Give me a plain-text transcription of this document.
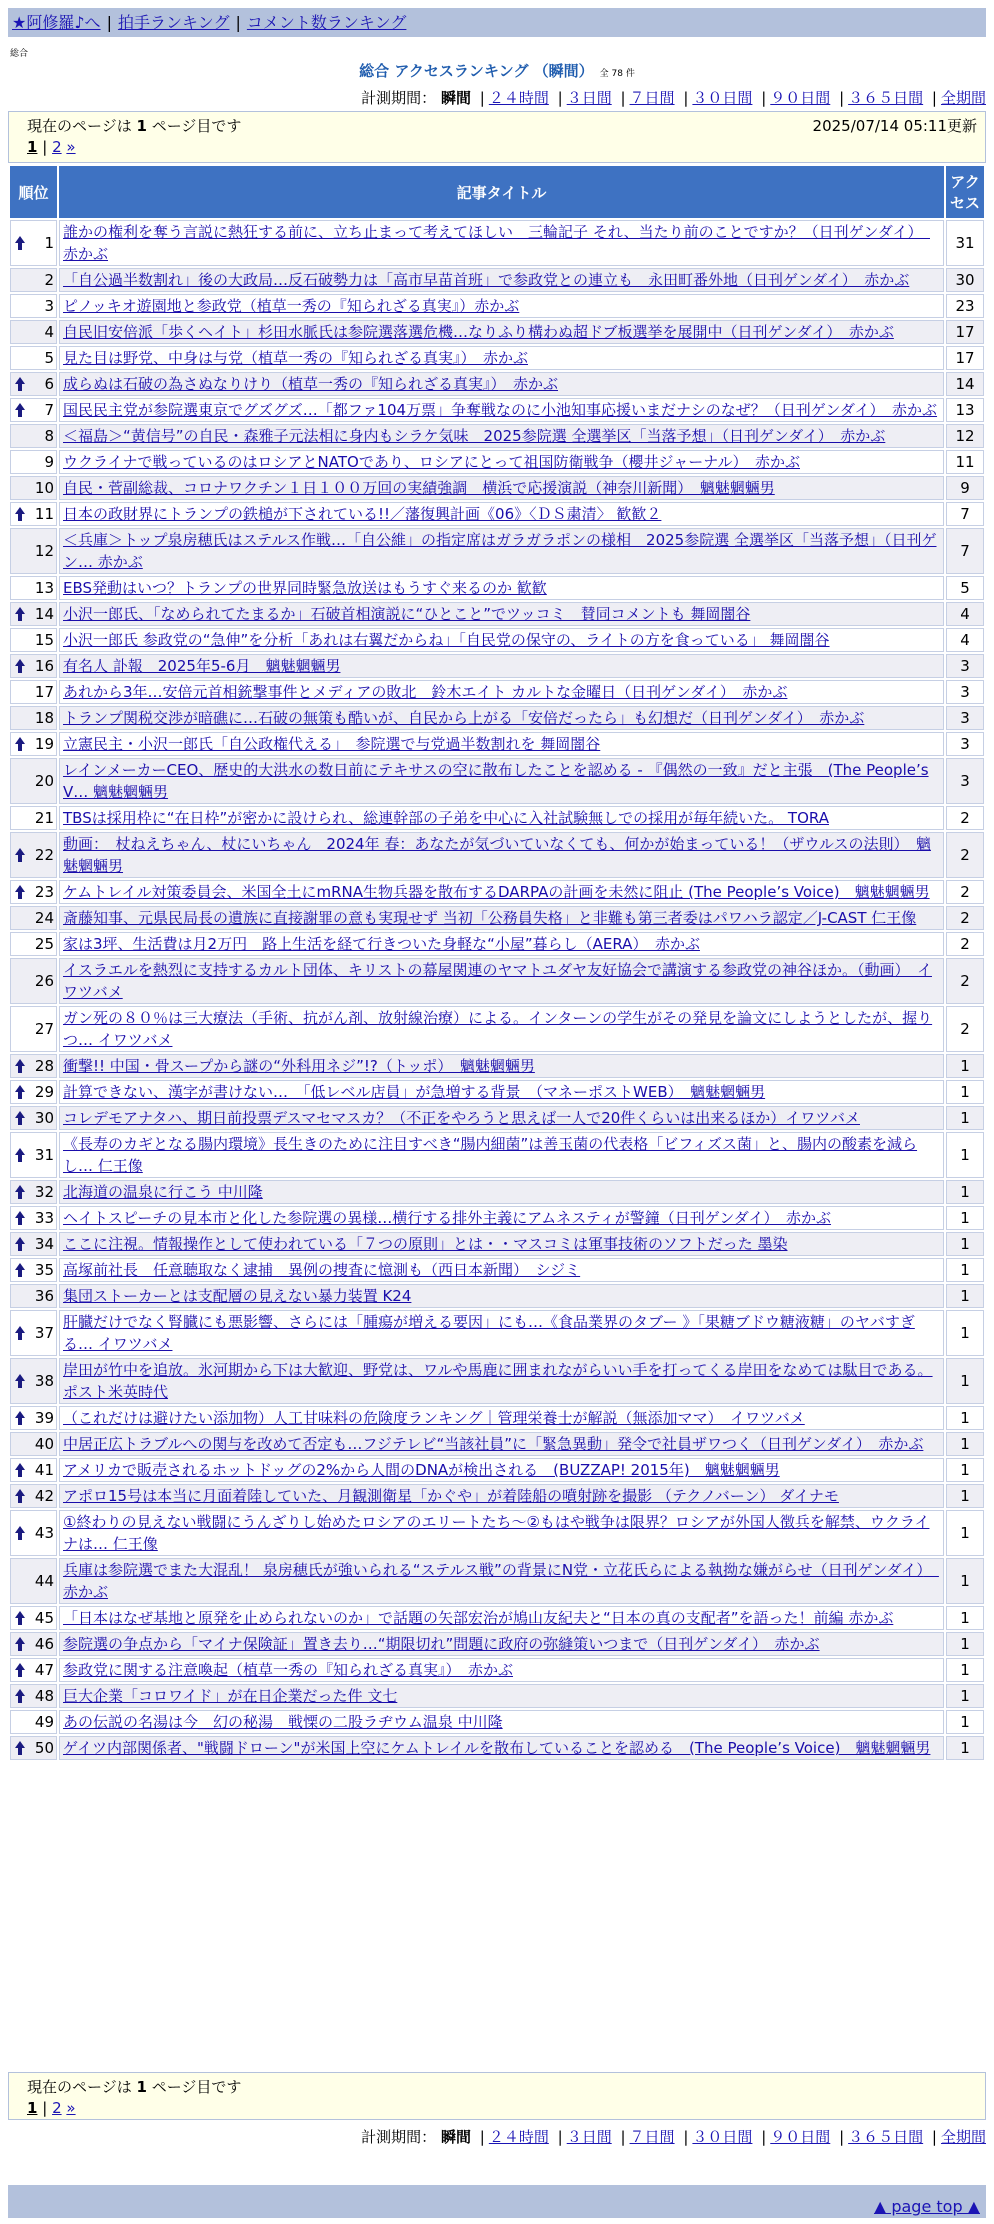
★阿修羅♪へ | 拍手ランキング | コメント数ランキング
総合
総合 アクセスランキング （瞬間） 全 78 件
計測期間： 瞬間 | ２４時間 | ３日間 | ７日間 | ３０日間 | ９０日間 | ３６５日間 | 全期間
現在のページは 1 ページ目です	2025/07/14 05:11更新
1 | 2 »
順位	記事タイトル	アクセス

1	誰かの権利を奪う言説に熱狂する前に、立ち止まって考えてほしい　三輪記子 それ、当たり前のことですか？（日刊ゲンダイ）　赤かぶ	31
2	「自公過半数割れ」後の大政局…反石破勢力は「高市早苗首班」で参政党との連立も　永田町番外地（日刊ゲンダイ）　赤かぶ	30
3	ピノッキオ遊園地と参政党（植草一秀の『知られざる真実』）赤かぶ	23
4	自民旧安倍派「歩くヘイト」杉田水脈氏は参院選落選危機…なりふり構わぬ超ドブ板選挙を展開中（日刊ゲンダイ）　赤かぶ	17
5	見た目は野党、中身は与党（植草一秀の『知られざる真実』）　赤かぶ	17

6	成らぬは石破の為さぬなりけり（植草一秀の『知られざる真実』）　赤かぶ	14

7	国民民主党が参院選東京でグズグズ…「都ファ104万票」争奪戦なのに小池知事応援いまだナシのなぜ？（日刊ゲンダイ）　赤かぶ	13
8	＜福島＞“黄信号”の自民・森雅子元法相に身内もシラケ気味　2025参院選 全選挙区「当落予想」（日刊ゲンダイ）　赤かぶ	12
9	ウクライナで戦っているのはロシアとNATOであり、ロシアにとって祖国防衛戦争（櫻井ジャーナル）　赤かぶ	11
10	自民・菅副総裁、コロナワクチン１日１００万回の実績強調　横浜で応援演説（神奈川新聞）　魑魅魍魎男	9

11	日本の政財界にトランプの鉄槌が下されている!!／藩復興計画《06》〈ＤＳ粛清〉 歓歓２	7
12	＜兵庫＞トップ泉房穂氏はステルス作戦…「自公維」の指定席はガラガラポンの様相　2025参院選 全選挙区「当落予想」（日刊ゲン… 赤かぶ	7
13	EBS発動はいつ？トランプの世界同時緊急放送はもうすぐ来るのか 歓歓	5

14	小沢一郎氏、「なめられてたまるか」石破首相演説に“ひとこと”でツッコミ　賛同コメントも 舞岡闇谷	4
15	小沢一郎氏 参政党の“急伸”を分析「あれは右翼だからね」「自民党の保守の、ライトの方を食っている」 舞岡闇谷	4

16	有名人 訃報　2025年5-6月　魑魅魍魎男	3
17	あれから3年…安倍元首相銃撃事件とメディアの敗北　鈴木エイト カルトな金曜日（日刊ゲンダイ）　赤かぶ	3
18	トランプ関税交渉が暗礁に…石破の無策も酷いが、自民から上がる「安倍だったら」も幻想だ（日刊ゲンダイ）　赤かぶ	3

19	立憲民主・小沢一郎氏「自公政権代える」　参院選で与党過半数割れを 舞岡闇谷	3
20	レインメーカーCEO、歴史的大洪水の数日前にテキサスの空に散布したことを認める - 『偶然の一致』だと主張　(The People’s V… 魑魅魍魎男	3
21	TBSは採用枠に“在日枠”が密かに設けられ、総連幹部の子弟を中心に入社試験無しでの採用が毎年続いた。 TORA	2

22	動画：　杖ねえちゃん、杖にいちゃん　2024年 春：あなたが気づいていなくても、何かが始まっている！（ザウルスの法則）　魑魅魍魎男	2

23	ケムトレイル対策委員会、米国全土にmRNA生物兵器を散布するDARPAの計画を未然に阻止 (The People’s Voice)　魑魅魍魎男	2
24	斎藤知事、元県民局長の遺族に直接謝罪の意も実現せず 当初「公務員失格」と非難も第三者委はパワハラ認定／J-CAST 仁王像	2
25	家は3坪、生活費は月2万円　路上生活を経て行きついた身軽な“小屋”暮らし（AERA）　赤かぶ	2
26	イスラエルを熱烈に支持するカルト団体、キリストの幕屋関連のヤマトユダヤ友好協会で講演する参政党の神谷ほか。（動画）　イワツバメ	2
27	ガン死の８０％は三大療法（手術、抗がん剤、放射線治療）による。インターンの学生がその発見を論文にしようとしたが、握りつ… イワツバメ	2

28	衝撃!! 中国・骨スープから謎の“外科用ネジ”!?（トッポ）　魑魅魍魎男	1

29	計算できない、漢字が書けない…　「低レベル店員」が急増する背景　（マネーポストWEB）　魑魅魍魎男	1

30	コレデモアナタハ、期日前投票デスマセマスカ？（不正をやろうと思えば一人で20件くらいは出来るほか）イワツバメ	1

31	《長寿のカギとなる腸内環境》長生きのために注目すべき“腸内細菌”は善玉菌の代表格「ビフィズス菌」と、腸内の酸素を減らし… 仁王像	1

32	北海道の温泉に行こう 中川隆	1

33	ヘイトスピーチの見本市と化した参院選の異様…横行する排外主義にアムネスティが警鐘（日刊ゲンダイ）　赤かぶ	1

34	ここに注視。情報操作として使われている「７つの原則」とは・・マスコミは軍事技術のソフトだった 墨染	1

35	高塚前社長　任意聴取なく逮捕　異例の捜査に憶測も（西日本新聞）　シジミ	1
36	集団ストーカーとは支配層の見えない暴力装置 K24	1

37	肝臓だけでなく腎臓にも悪影響、さらには「腫瘍が増える要因」にも…《食品業界のタブー 》「果糖ブドウ糖液糖」のヤバすぎる… イワツバメ	1

38	岸田が竹中を追放。氷河期から下は大歓迎、野党は、ワルや馬鹿に囲まれながらいい手を打ってくる岸田をなめては駄目である。 ポスト米英時代	1

39	（これだけは避けたい添加物）人工甘味料の危険度ランキング｜管理栄養士が解説（無添加ママ）　イワツバメ	1
40	中居正広トラブルへの関与を改めて否定も…フジテレビ“当該社員”に「緊急異動」発令で社員ザワつく（日刊ゲンダイ）　赤かぶ	1

41	アメリカで販売されるホットドッグの2%から人間のDNAが検出される　(BUZZAP! 2015年)　魑魅魍魎男	1

42	アポロ15号は本当に月面着陸していた、月観測衛星「かぐや」が着陸船の噴射跡を撮影 （テクノバーン） ダイナモ	1

43	①終わりの見えない戦闘にうんざりし始めたロシアのエリートたち～②もはや戦争は限界？ロシアが外国人徴兵を解禁、ウクライナは… 仁王像	1
44	兵庫は参院選でまた大混乱！ 泉房穂氏が強いられる“ステルス戦”の背景にN党・立花氏らによる執拗な嫌がらせ（日刊ゲンダイ）　赤かぶ	1

45	「日本はなぜ基地と原発を止められないのか」で話題の矢部宏治が鳩山友紀夫と“日本の真の支配者”を語った！前編 赤かぶ	1

46	参院選の争点から「マイナ保険証」置き去り…“期限切れ”問題に政府の弥縫策いつまで（日刊ゲンダイ）　赤かぶ	1

47	参政党に関する注意喚起（植草一秀の『知られざる真実』）　赤かぶ	1

48	巨大企業「コロワイド」が在日企業だった件 文七	1
49	あの伝説の名湯は今＿幻の秘湯　戦慄の二股ラヂウム温泉 中川隆	1

50	ゲイツ内部関係者、"戦闘ドローン"が米国上空にケムトレイルを散布していることを認める　(The People’s Voice)　魑魅魍魎男	1
現在のページは 1 ページ目です
1 | 2 »
計測期間： 瞬間 | ２４時間 | ３日間 | ７日間 | ３０日間 | ９０日間 | ３６５日間 | 全期間
▲ page top ▲
